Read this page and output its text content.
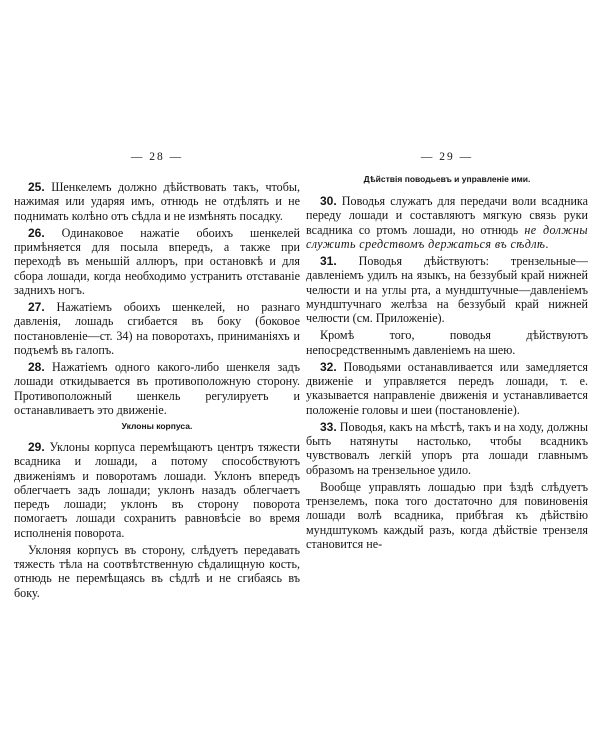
— 28 —

25. Шенкелемъ должно дѣйствовать такъ, чтобы, нажимая или ударяя имъ, отнюдь не отдѣлять и не поднимать колѣно отъ сѣдла и не измѣнять посадку.

26. Одинаковое нажатіе обоихъ шенкелей примѣняется для посыла впередъ, а также при переходѣ въ меньшій аллюръ, при остановкѣ и для сбора лошади, когда необходимо устранить отставаніе заднихъ ногъ.

27. Нажатіемъ обоихъ шенкелей, но разнаго давленія, лошадь сгибается въ боку (боковое постановленіе—ст. 34) на поворотахъ, приниманіяхъ и подъемѣ въ галопъ.

28. Нажатіемъ одного какого-либо шенкеля задъ лошади откидывается въ противоположную сторону. Противоположный шенкель регулируетъ и останавливаетъ это движеніе.

Уклоны корпуса.

29. Уклоны корпуса перемѣщаютъ центръ тяжести всадника и лошади, а потому способствуютъ движеніямъ и поворотамъ лошади. Уклонъ впередъ облегчаетъ задъ лошади; уклонъ назадъ облегчаетъ передъ лошади; уклонъ въ сторону поворота помогаетъ лошади сохранить равновѣсіе во время исполненія поворота.

Уклоняя корпусъ въ сторону, слѣдуетъ передавать тяжесть тѣла на соотвѣтственную сѣдалищную кость, отнюдь не перемѣщаясь въ сѣдлѣ и не сгибаясь въ боку.

— 29 —
Дѣйствія поводьевъ и управленіе ими.

30. Поводья служатъ для передачи воли всадника переду лошади и составляютъ мягкую связь руки всадника со ртомъ лошади, но отнюдь не должны служить средствомъ держаться въ сѣдлѣ.

31. Поводья дѣйствуютъ: трензельные—давленіемъ удилъ на языкъ, на беззубый край нижней челюсти и на углы рта, а мундштучные—давленіемъ мундштучнаго желѣза на беззубый край нижней челюсти (см. Приложеніе).

Кромѣ того, поводья дѣйствуютъ непосредственнымъ давленіемъ на шею.

32. Поводьями останавливается или замедляется движеніе и управляется передъ лошади, т. е. указывается направленіе движенія и устанавливается положеніе головы и шеи (постановленіе).

33. Поводья, какъ на мѣстѣ, такъ и на ходу, должны быть натянуты настолько, чтобы всадникъ чувствовалъ легкій упоръ рта лошади главнымъ образомъ на трензельное удило.

Вообще управлять лошадью при ѣздѣ слѣдуетъ трензелемъ, пока того достаточно для повиновенія лошади волѣ всадника, прибѣгая къ дѣйствію мундштукомъ каждый разъ, когда дѣйствіе трензеля становится не-
